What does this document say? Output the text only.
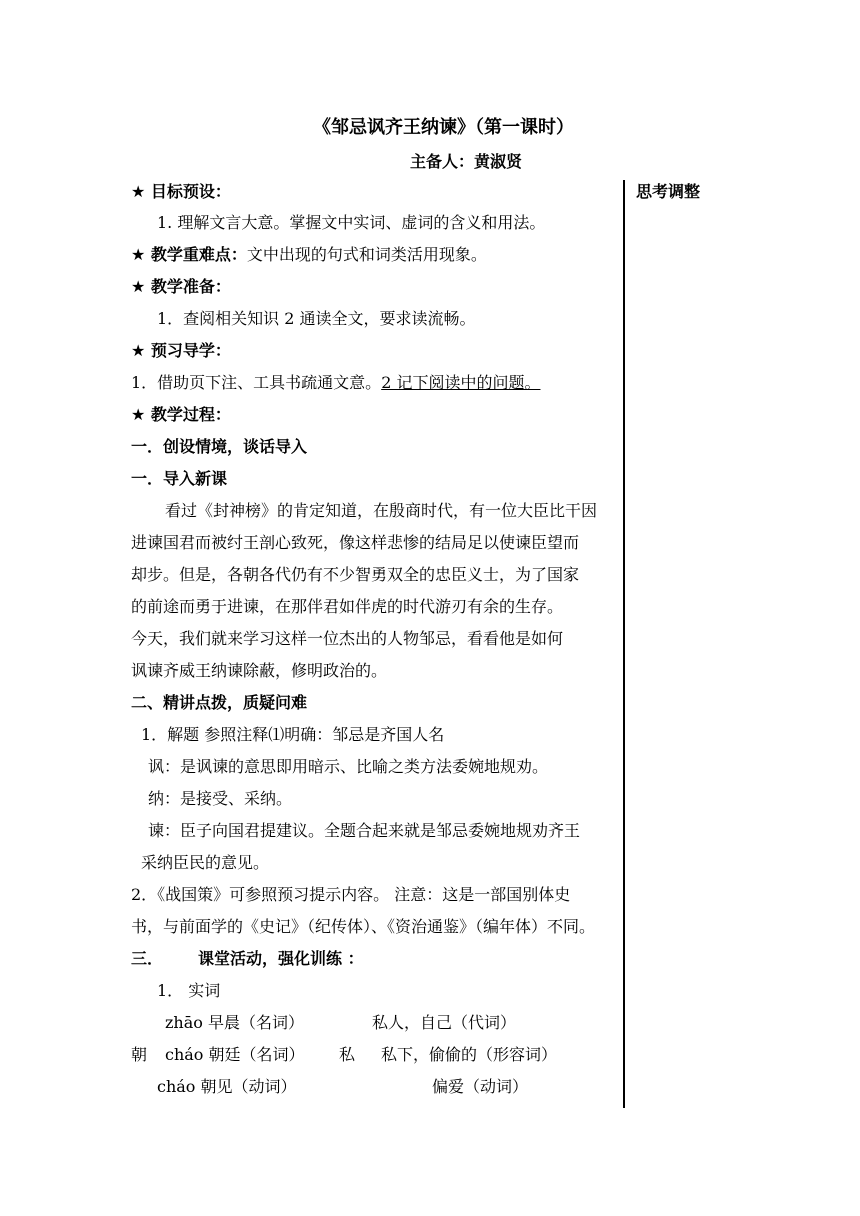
《邹忌讽齐王纳谏》（第一课时）
主备人：黄淑贤
思考调整
★ 目标预设：
1. 理解文言大意。掌握文中实词、虚词的含义和用法。
★ 教学重难点：文中出现的句式和词类活用现象。
★ 教学准备：
1．查阅相关知识 2 通读全文，要求读流畅。
★ 预习导学：
1．借助页下注、工具书疏通文意。2 记下阅读中的问题。
★ 教学过程：
一．创设情境，谈话导入
一．导入新课
看过《封神榜》的肯定知道，在殷商时代，有一位大臣比干因
进谏国君而被纣王剖心致死，像这样悲惨的结局足以使谏臣望而
却步。但是，各朝各代仍有不少智勇双全的忠臣义士，为了国家
的前途而勇于进谏，在那伴君如伴虎的时代游刃有余的生存。
今天，我们就来学习这样一位杰出的人物邹忌，看看他是如何
讽谏齐威王纳谏除蔽，修明政治的。
二、精讲点拨，质疑问难
1．解题 参照注释⑴明确：邹忌是齐国人名
讽：是讽谏的意思即用暗示、比喻之类方法委婉地规劝。
纳：是接受、采纳。
谏：臣子向国君提建议。全题合起来就是邹忌委婉地规劝齐王
采纳臣民的意见。
2．《战国策》可参照预习提示内容。 注意：这是一部国别体史
书，与前面学的《史记》（纪传体）、《资治通鉴》（编年体）不同。
三． 课堂活动，强化训练 ：
1． 实词
zhāo 早晨（名词）	私人，自己（代词）
朝 cháo 朝廷（名词） 私 私下，偷偷的（形容词）
cháo 朝见（动词）	偏爱（动词）
